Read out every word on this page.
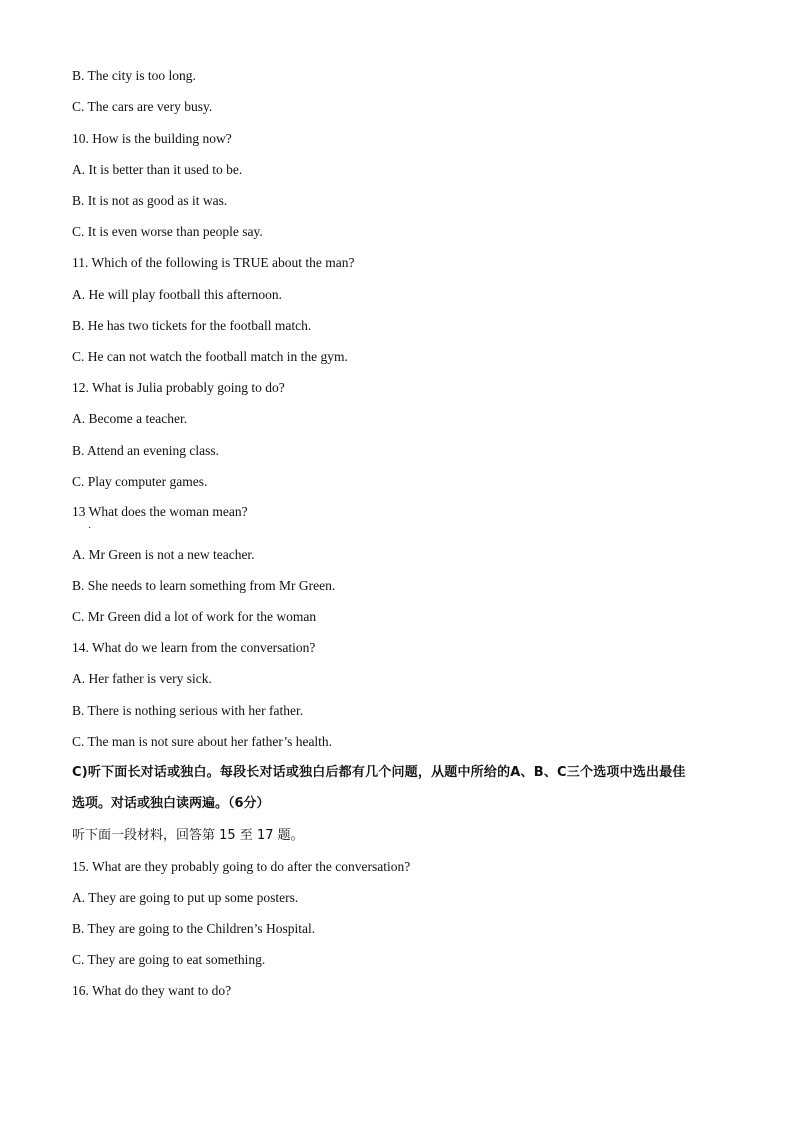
B. The city is too long.
C. The cars are very busy.
10. How is the building now?
A. It is better than it used to be.
B. It is not as good as it was.
C. It is even worse than people say.
11. Which of the following is TRUE about the man?
A. He will play football this afternoon.
B. He has two tickets for the football match.
C. He can not watch the football match in the gym.
12. What is Julia probably going to do?
A. Become a teacher.
B. Attend an evening class.
C. Play computer games.
13 What does the woman mean?
·
A. Mr Green is not a new teacher.
B. She needs to learn something from Mr Green.
C. Mr Green did a lot of work for the woman
14. What do we learn from the conversation?
A. Her father is very sick.
B. There is nothing serious with her father.
C. The man is not sure about her father’s health.
C)听下面长对话或独白。每段长对话或独白后都有几个问题，从题中所给的A、B、C三个选项中选出最佳
选项。对话或独白读两遍。（6分）
听下面一段材料，回答第 15 至 17 题。
15. What are they probably going to do after the conversation?
A. They are going to put up some posters.
B. They are going to the Children’s Hospital.
C. They are going to eat something.
16. What do they want to do?
